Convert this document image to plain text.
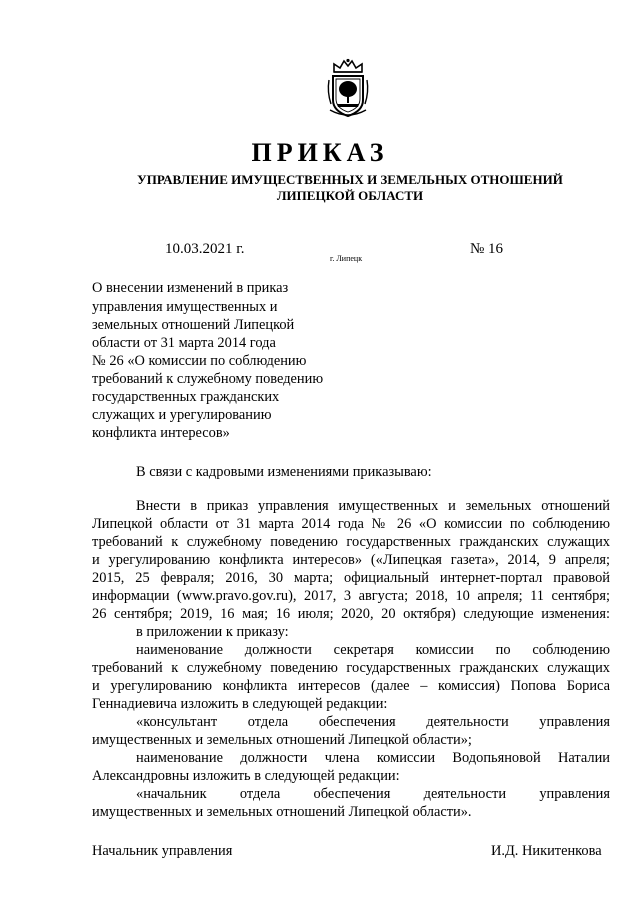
ПРИКАЗ
УПРАВЛЕНИЕ ИМУЩЕСТВЕННЫХ И ЗЕМЕЛЬНЫХ ОТНОШЕНИЙ
ЛИПЕЦКОЙ ОБЛАСТИ
10.03.2021 г.
г. Липецк
№ 16
О внесении изменений в приказ
управления имущественных и
земельных отношений Липецкой
области от 31 марта 2014 года
№ 26 «О комиссии по соблюдению
требований к служебному поведению
государственных гражданских
служащих и урегулированию
конфликта интересов»
В связи с кадровыми изменениями приказываю:
Внести в приказ управления имущественных и земельных отношений
Липецкой области от 31 марта 2014 года № 26 «О комиссии по соблюдению
требований к служебному поведению государственных гражданских служащих
и урегулированию конфликта интересов» («Липецкая газета», 2014, 9 апреля;
2015, 25 февраля; 2016, 30 марта; официальный интернет-портал правовой
информации (www.pravo.gov.ru), 2017, 3 августа; 2018, 10 апреля; 11 сентября;
26 сентября; 2019, 16 мая; 16 июля; 2020, 20 октября) следующие изменения:
в приложении к приказу:
наименование должности секретаря комиссии по соблюдению
требований к служебному поведению государственных гражданских служащих
и урегулированию конфликта интересов (далее – комиссия) Попова Бориса
Геннадиевича изложить в следующей редакции:
«консультант отдела обеспечения деятельности управления
имущественных и земельных отношений Липецкой области»;
наименование должности члена комиссии Водопьяновой Наталии
Александровны изложить в следующей редакции:
«начальник отдела обеспечения деятельности управления
имущественных и земельных отношений Липецкой области».
Начальник управления	И.Д. Никитенкова
